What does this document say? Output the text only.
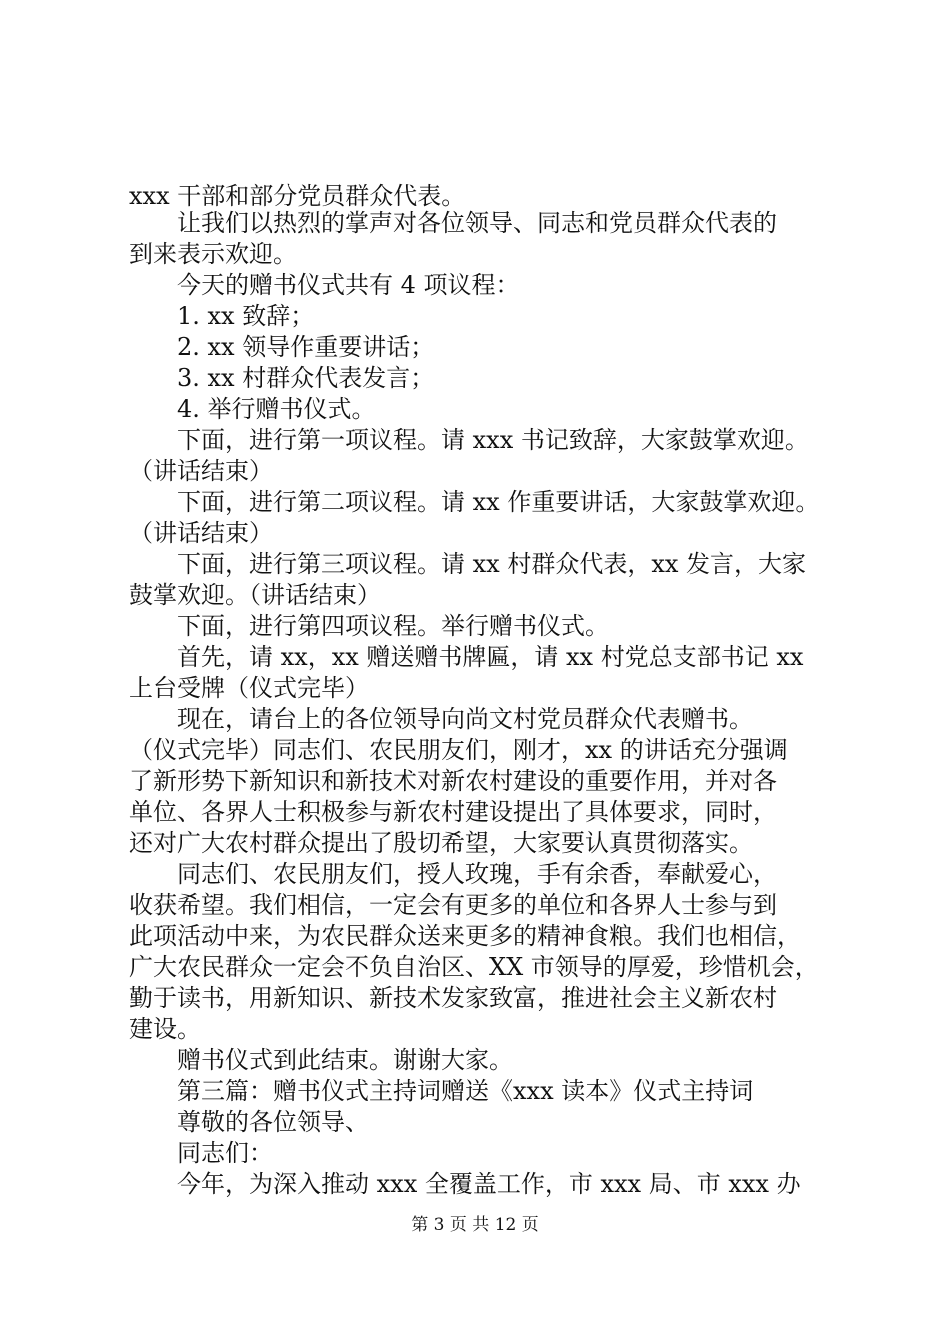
xxx 干部和部分党员群众代表。
　　让我们以热烈的掌声对各位领导、同志和党员群众代表的
到来表示欢迎。
　　今天的赠书仪式共有 4 项议程：
　　1. xx 致辞；
　　2. xx 领导作重要讲话；
　　3. xx 村群众代表发言；
　　4. 举行赠书仪式。
　　下面，进行第一项议程。请 xxx 书记致辞，大家鼓掌欢迎。
（讲话结束）
　　下面，进行第二项议程。请 xx 作重要讲话，大家鼓掌欢迎。
（讲话结束）
　　下面，进行第三项议程。请 xx 村群众代表，xx 发言，大家
鼓掌欢迎。（讲话结束）
　　下面，进行第四项议程。举行赠书仪式。
　　首先，请 xx，xx 赠送赠书牌匾，请 xx 村党总支部书记 xx
上台受牌（仪式完毕）
　　现在，请台上的各位领导向尚文村党员群众代表赠书。
（仪式完毕）同志们、农民朋友们，刚才，xx 的讲话充分强调
了新形势下新知识和新技术对新农村建设的重要作用，并对各
单位、各界人士积极参与新农村建设提出了具体要求，同时，
还对广大农村群众提出了殷切希望，大家要认真贯彻落实。
　　同志们、农民朋友们，授人玫瑰，手有余香，奉献爱心，
收获希望。我们相信，一定会有更多的单位和各界人士参与到
此项活动中来，为农民群众送来更多的精神食粮。我们也相信，
广大农民群众一定会不负自治区、XX 市领导的厚爱，珍惜机会，
勤于读书，用新知识、新技术发家致富，推进社会主义新农村
建设。
　　赠书仪式到此结束。谢谢大家。
　　第三篇：赠书仪式主持词赠送《xxx 读本》仪式主持词
　　尊敬的各位领导、
　　同志们：
　　今年，为深入推动 xxx 全覆盖工作，市 xxx 局、市 xxx 办
第 3 页 共 12 页
